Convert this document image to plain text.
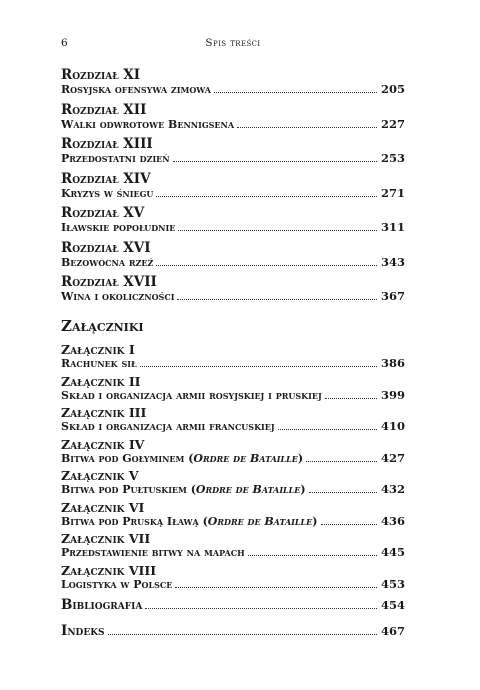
6	Spis treści
Rozdział XI
Rosyjska ofensywa zimowa	205
Rozdział XII
Walki odwrotowe Bennigsena	227
Rozdział XIII
Przedostatni dzień	253
Rozdział XIV
Kryzys w śniegu	271
Rozdział XV
Iławskie popołudnie	311
Rozdział XVI
Bezowocna rzeź	343
Rozdział XVII
Wina i okoliczności	367
Załączniki
Załącznik I
Rachunek sił	386
Załącznik II
Skład i organizacja armii rosyjskiej i pruskiej	399
Załącznik III
Skład i organizacja armii francuskiej	410
Załącznik IV
Bitwa pod Gołyminem (Ordre de Bataille)	427
Załącznik V
Bitwa pod Pułtuskiem (Ordre de Bataille)	432
Załącznik VI
Bitwa pod Pruską Iławą (Ordre de Bataille)	436
Załącznik VII
Przedstawienie bitwy na mapach	445
Załącznik VIII
Logistyka w Polsce	453
Bibliografia	454
Indeks	467
